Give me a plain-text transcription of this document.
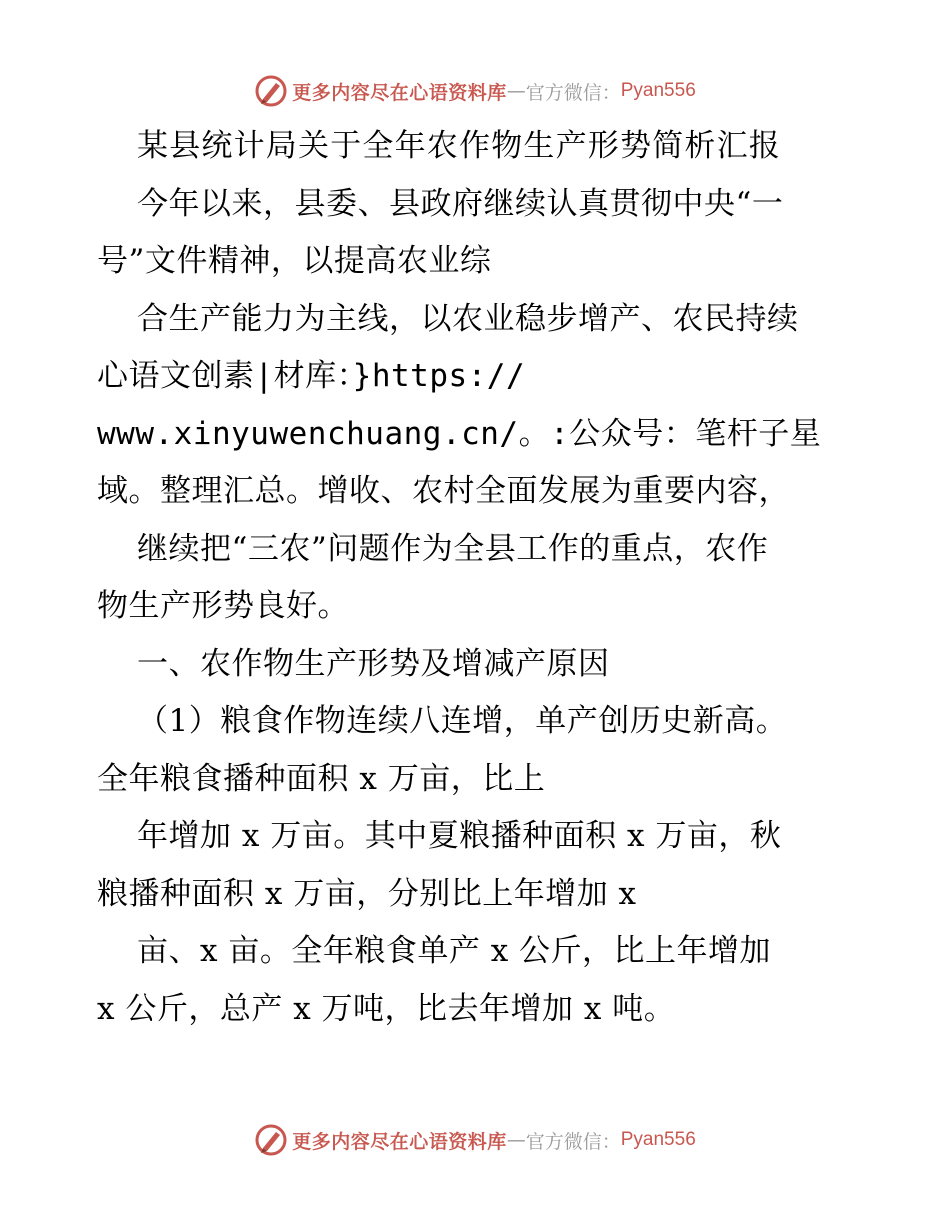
更多内容尽在心语资料库 — 官方微信： Pyan556
某县统计局关于全年农作物生产形势简析汇报
今年以来，县委、县政府继续认真贯彻中央“一
号”文件精神，以提高农业综
合生产能力为主线，以农业稳步增产、农民持续
心语文创素|材库：}https://
www.xinyuwenchuang.cn/。:公众号：笔杆子星
域。整理汇总。增收、农村全面发展为重要内容，
继续把“三农”问题作为全县工作的重点，农作
物生产形势良好。
一、农作物生产形势及增减产原因
（1）粮食作物连续八连增，单产创历史新高。
全年粮食播种面积 x 万亩，比上
年增加 x 万亩。其中夏粮播种面积 x 万亩，秋
粮播种面积 x 万亩，分别比上年增加 x
亩、x 亩。全年粮食单产 x 公斤，比上年增加
x 公斤，总产 x 万吨，比去年增加 x 吨。
更多内容尽在心语资料库 — 官方微信： Pyan556
